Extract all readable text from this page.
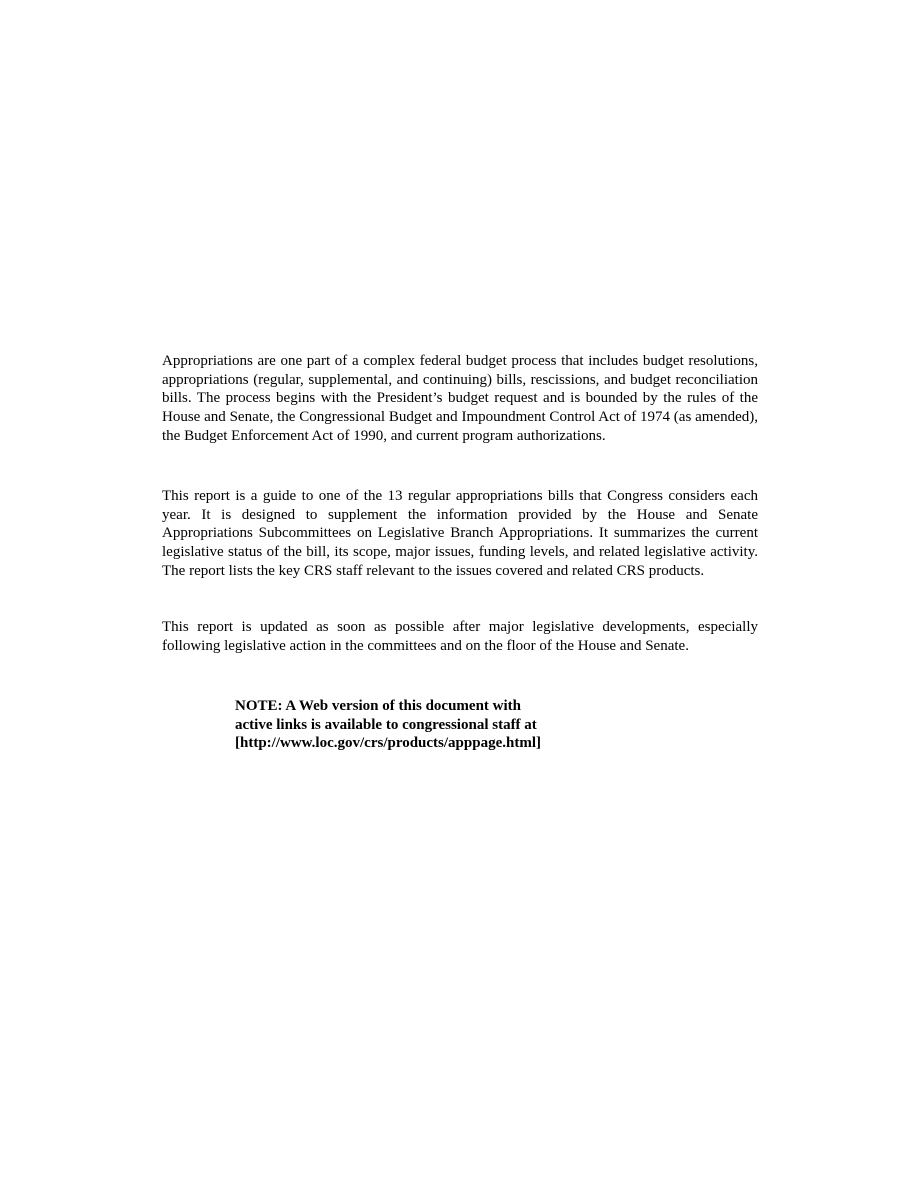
Appropriations are one part of a complex federal budget process that includes budget resolutions, appropriations (regular, supplemental, and continuing) bills, rescissions, and budget reconciliation bills. The process begins with the President’s budget request and is bounded by the rules of the House and Senate, the Congressional Budget and Impoundment Control Act of 1974 (as amended), the Budget Enforcement Act of 1990, and current program authorizations.

This report is a guide to one of the 13 regular appropriations bills that Congress considers each year. It is designed to supplement the information provided by the House and Senate Appropriations Subcommittees on Legislative Branch Appropriations. It summarizes the current legislative status of the bill, its scope, major issues, funding levels, and related legislative activity. The report lists the key CRS staff relevant to the issues covered and related CRS products.

This report is updated as soon as possible after major legislative developments, especially following legislative action in the committees and on the floor of the House and Senate.

NOTE: A Web version of this document with
active links is available to congressional staff at
[http://www.loc.gov/crs/products/apppage.html]
